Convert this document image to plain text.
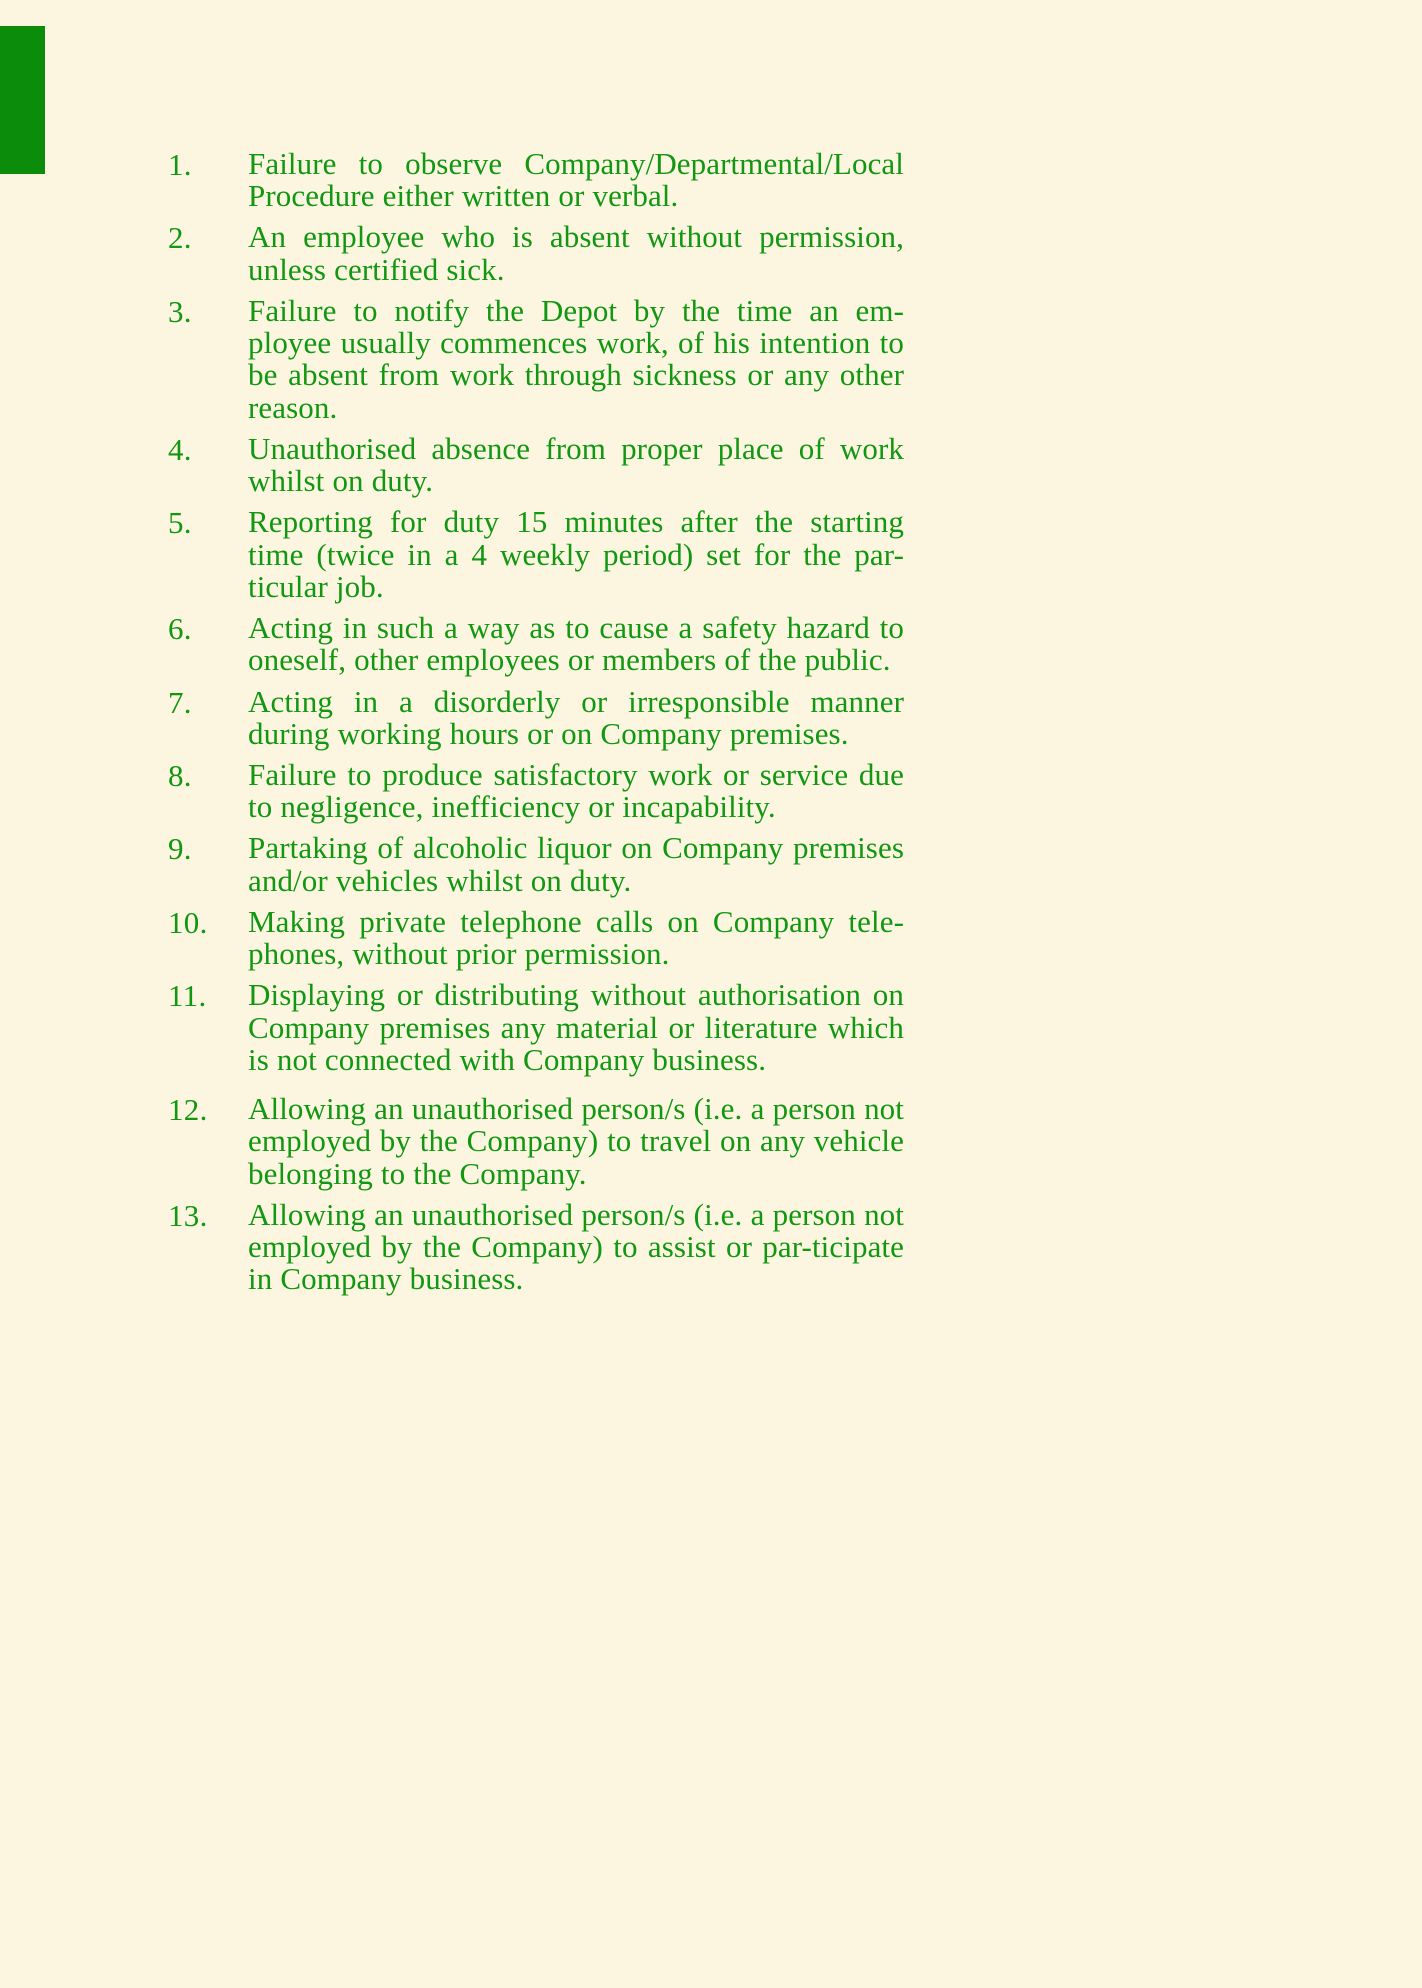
1.	Failure to observe Company/Departmental/Local Procedure either written or verbal.
2.	An employee who is absent without permission, unless certified sick.
3.	Failure to notify the Depot by the time an em-ployee usually commences work, of his intention to be absent from work through sickness or any other reason.
4.	Unauthorised absence from proper place of work whilst on duty.
5.	Reporting for duty 15 minutes after the starting time (twice in a 4 weekly period) set for the par-ticular job.
6.	Acting in such a way as to cause a safety hazard to oneself, other employees or members of the public.
7.	Acting in a disorderly or irresponsible manner during working hours or on Company premises.
8.	Failure to produce satisfactory work or service due to negligence, inefficiency or incapability.
9.	Partaking of alcoholic liquor on Company premises and/or vehicles whilst on duty.
10.	Making private telephone calls on Company tele-phones, without prior permission.
11.	Displaying or distributing without authorisation on Company premises any material or literature which is not connected with Company business.
12.	Allowing an unauthorised person/s (i.e. a person not employed by the Company) to travel on any vehicle belonging to the Company.
13.	Allowing an unauthorised person/s (i.e. a person not employed by the Company) to assist or par-ticipate in Company business.
